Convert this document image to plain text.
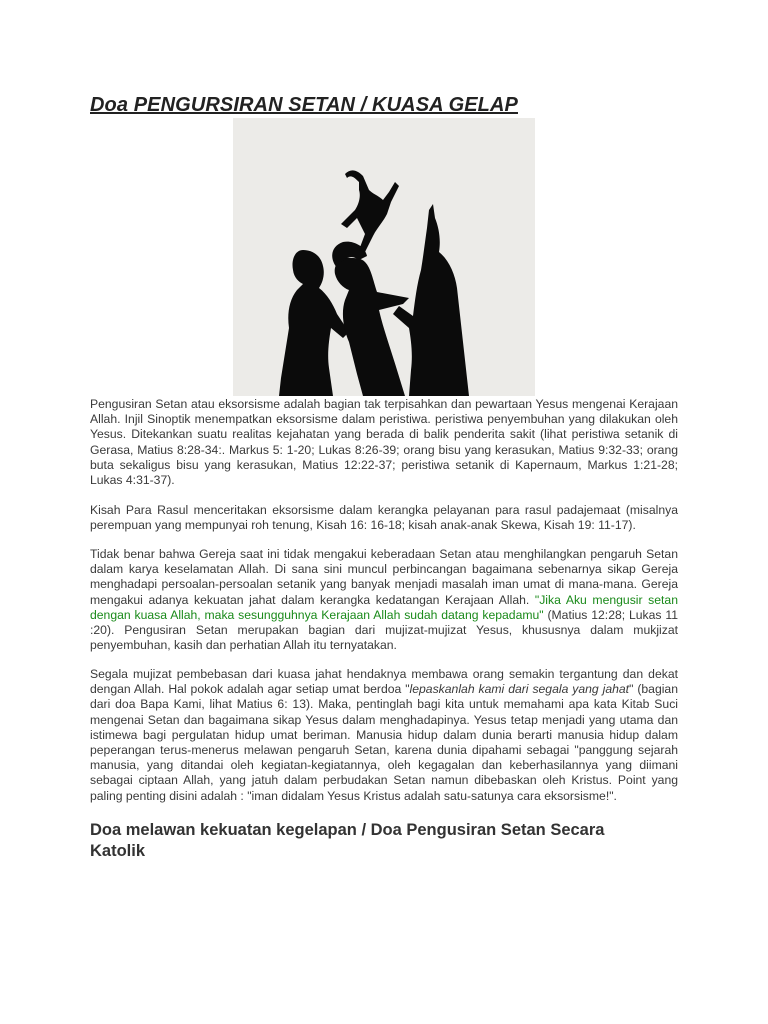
Doa PENGURSIRAN SETAN / KUASA GELAP

Pengusiran Setan atau eksorsisme adalah bagian tak terpisahkan dan pewartaan Yesus mengenai Kerajaan Allah. Injil Sinoptik menempatkan eksorsisme dalam peristiwa. peristiwa penyembuhan yang dilakukan oleh Yesus. Ditekankan suatu realitas kejahatan yang berada di balik penderita sakit (lihat peristiwa setanik di Gerasa, Matius 8:28-34:. Markus 5: 1-20; Lukas 8:26-39; orang bisu yang kerasukan, Matius 9:32-33; orang buta sekaligus bisu yang kerasukan, Matius 12:22-37; peristiwa setanik di Kapernaum, Markus 1:21-28; Lukas 4:31-37).

Kisah Para Rasul menceritakan eksorsisme dalam kerangka pelayanan para rasul padajemaat (misalnya perempuan yang mempunyai roh tenung, Kisah 16: 16-18; kisah anak-anak Skewa, Kisah 19: 11-17).

Tidak benar bahwa Gereja saat ini tidak mengakui keberadaan Setan atau menghilangkan pengaruh Setan dalam karya keselamatan Allah. Di sana sini muncul perbincangan bagaimana sebenarnya sikap Gereja menghadapi persoalan-persoalan setanik yang banyak menjadi masalah iman umat di mana-mana. Gereja mengakui adanya kekuatan jahat dalam kerangka kedatangan Kerajaan Allah. "Jika Aku mengusir setan dengan kuasa Allah, maka sesungguhnya Kerajaan Allah sudah datang kepadamu" (Matius 12:28; Lukas 11 :20). Pengusiran Setan merupakan bagian dari mujizat-mujizat Yesus, khususnya dalam mukjizat penyembuhan, kasih dan perhatian Allah itu ternyatakan.

Segala mujizat pembebasan dari kuasa jahat hendaknya membawa orang semakin tergantung dan dekat dengan Allah. Hal pokok adalah agar setiap umat berdoa "lepaskanlah kami dari segala yang jahat" (bagian dari doa Bapa Kami, lihat Matius 6: 13). Maka, pentinglah bagi kita untuk memahami apa kata Kitab Suci mengenai Setan dan bagaimana sikap Yesus dalam menghadapinya. Yesus tetap menjadi yang utama dan istimewa bagi pergulatan hidup umat beriman. Manusia hidup dalam dunia berarti manusia hidup dalam peperangan terus-menerus melawan pengaruh Setan, karena dunia dipahami sebagai "panggung sejarah manusia, yang ditandai oleh kegiatan-kegiatannya, oleh kegagalan dan keberhasilannya yang diimani sebagai ciptaan Allah, yang jatuh dalam perbudakan Setan namun dibebaskan oleh Kristus. Point yang paling penting disini adalah : "iman didalam Yesus Kristus adalah satu-satunya cara eksorsisme!".

Doa melawan kekuatan kegelapan / Doa Pengusiran Setan Secara Katolik
